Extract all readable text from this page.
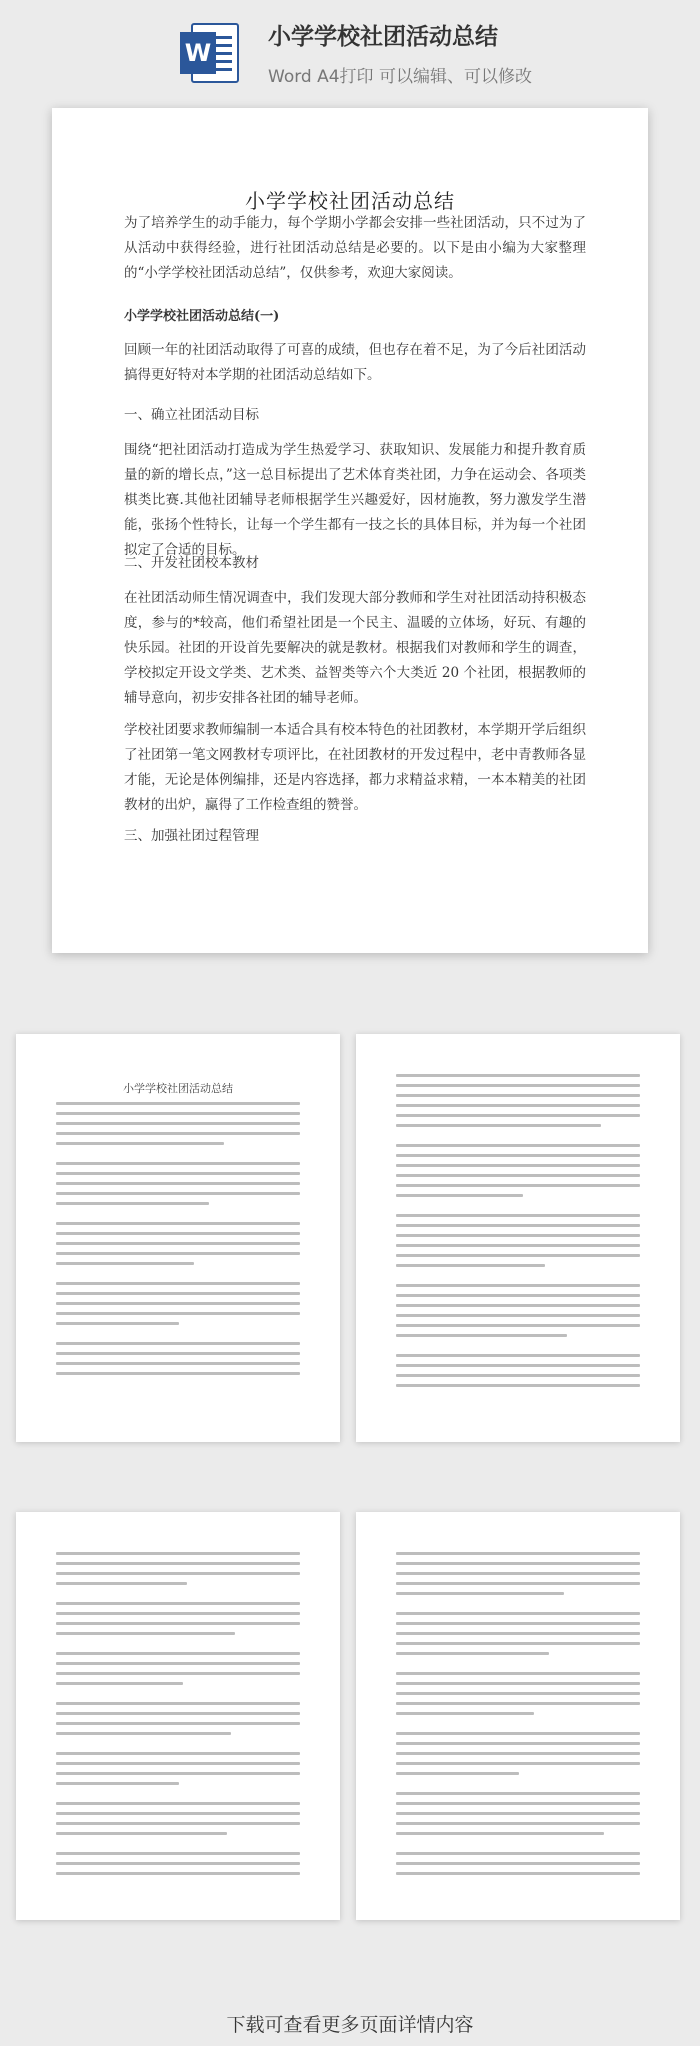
W
小学学校社团活动总结
Word A4打印 可以编辑、可以修改
小学学校社团活动总结

为了培养学生的动手能力，每个学期小学都会安排一些社团活动，只不过为了从活动中获得经验，进行社团活动总结是必要的。以下是由小编为大家整理的“小学学校社团活动总结”，仅供参考，欢迎大家阅读。

小学学校社团活动总结(一)

回顾一年的社团活动取得了可喜的成绩，但也存在着不足，为了今后社团活动搞得更好特对本学期的社团活动总结如下。

一、确立社团活动目标

围绕“把社团活动打造成为学生热爱学习、获取知识、发展能力和提升教育质量的新的增长点，”这一总目标提出了艺术体育类社团，力争在运动会、各项类棋类比赛.其他社团辅导老师根据学生兴趣爱好，因材施教，努力激发学生潜能，张扬个性特长，让每一个学生都有一技之长的具体目标，并为每一个社团拟定了合适的目标。

二、开发社团校本教材

在社团活动师生情况调查中，我们发现大部分教师和学生对社团活动持积极态度，参与的*较高，他们希望社团是一个民主、温暖的立体场，好玩、有趣的快乐园。社团的开设首先要解决的就是教材。根据我们对教师和学生的调查，学校拟定开设文学类、艺术类、益智类等六个大类近 20 个社团，根据教师的辅导意向，初步安排各社团的辅导老师。

学校社团要求教师编制一本适合具有校本特色的社团教材，本学期开学后组织了社团第一笔文网教材专项评比，在社团教材的开发过程中，老中青教师各显才能，无论是体例编排，还是内容选择，都力求精益求精，一本本精美的社团教材的出炉，赢得了工作检查组的赞誉。

三、加强社团过程管理

小学学校社团活动总结
下载可查看更多页面详情内容
